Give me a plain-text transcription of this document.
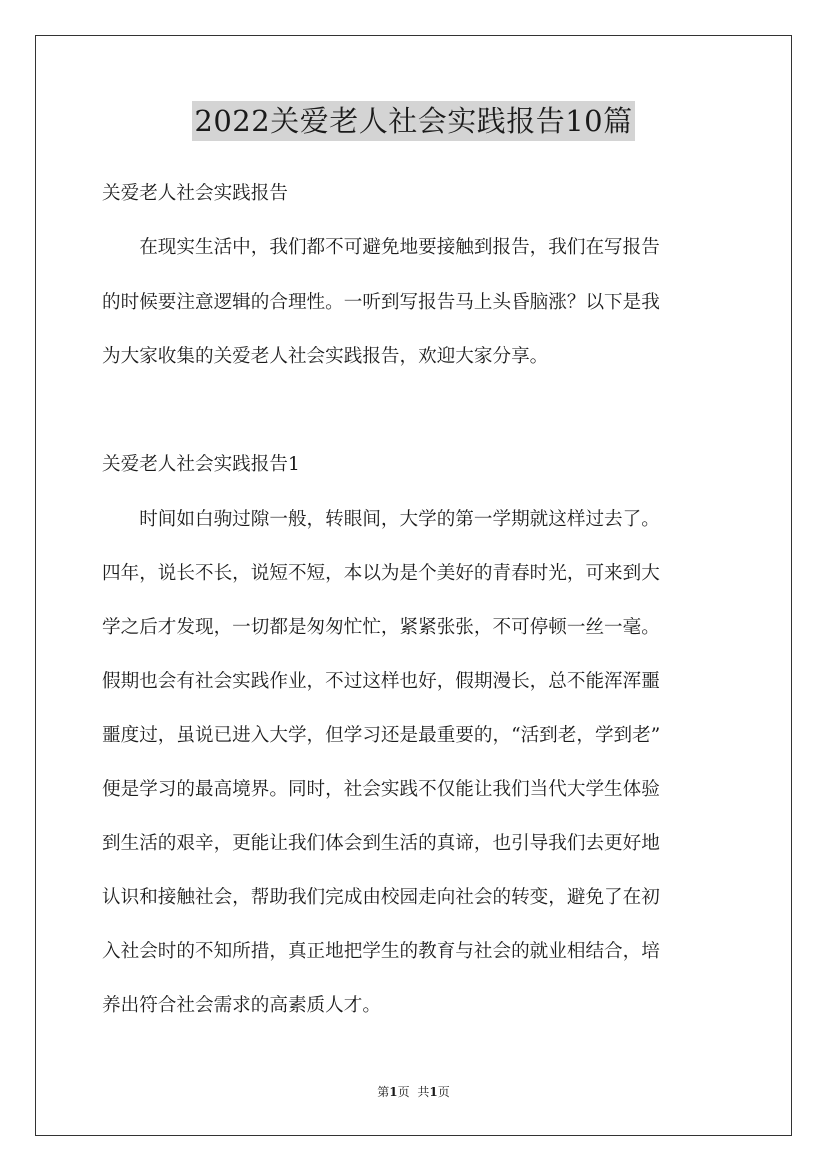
2022关爱老人社会实践报告10篇
关爱老人社会实践报告
　　在现实生活中，我们都不可避免地要接触到报告，我们在写报告
的时候要注意逻辑的合理性。一听到写报告马上头昏脑涨？以下是我
为大家收集的关爱老人社会实践报告，欢迎大家分享。
关爱老人社会实践报告1
　　时间如白驹过隙一般，转眼间，大学的第一学期就这样过去了。
四年，说长不长，说短不短，本以为是个美好的青春时光，可来到大
学之后才发现，一切都是匆匆忙忙，紧紧张张，不可停顿一丝一毫。
假期也会有社会实践作业，不过这样也好，假期漫长，总不能浑浑噩
噩度过，虽说已进入大学，但学习还是最重要的，“活到老，学到老”
便是学习的最高境界。同时，社会实践不仅能让我们当代大学生体验
到生活的艰辛，更能让我们体会到生活的真谛，也引导我们去更好地
认识和接触社会，帮助我们完成由校园走向社会的转变，避免了在初
入社会时的不知所措，真正地把学生的教育与社会的就业相结合，培
养出符合社会需求的高素质人才。
第1页 共1页
